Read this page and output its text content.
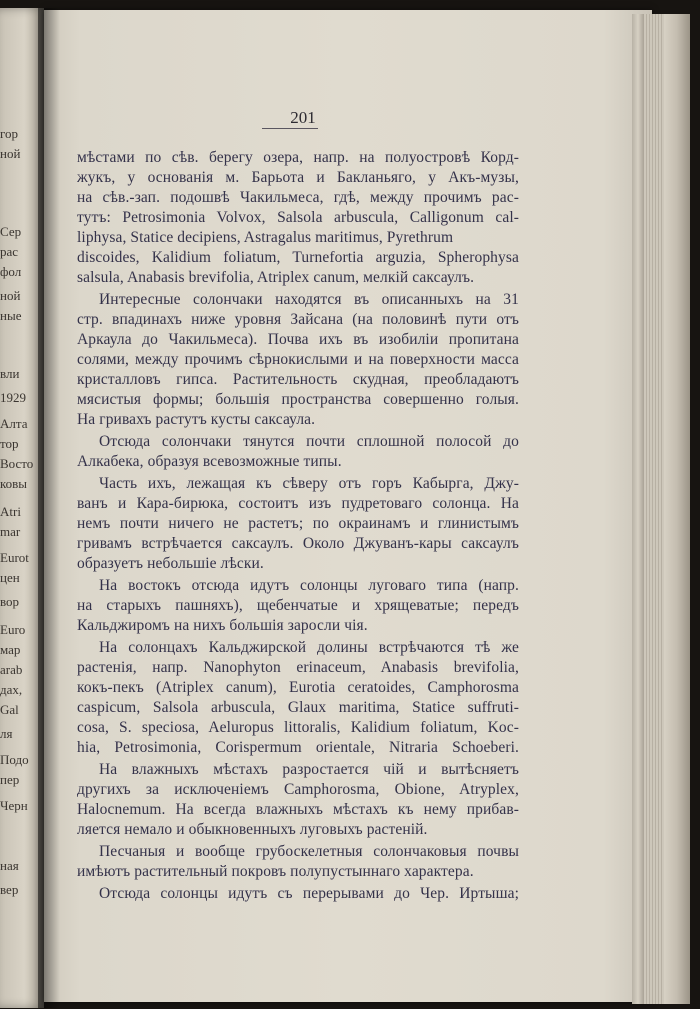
гор
ной
Сер
рас
фол
ной
ные
вли
1929
Алта
тор
Восто
ковы
Atri
mar
Eurot
цен
вор
Euro
мар
arab
дах,
Gal
ля
Подо
пер
Черн
ная
вер
201
мѣстами по сѣв. берегу озера, напр. на полуостровѣ Корд-
жукъ, у основанія м. Барьота и Бакланьяго, у Акъ-музы,
на сѣв.-зап. подошвѣ Чакильмеса, гдѣ, между прочимъ рас-
тутъ: Petrosimonia Volvox, Salsola arbuscula, Calligonum cal-
liphysa, Statice decipiens, Astragalus maritimus, Pyrethrum
discoides, Kalidium foliatum, Turnefortia arguzia, Spherophysa
salsula, Anabasis brevifolia, Atriplex canum, мелкій саксаулъ.
Интересные солончаки находятся въ описанныхъ на 31
стр. впадинахъ ниже уровня Зайсана (на половинѣ пути отъ
Аркаула до Чакильмеса). Почва ихъ въ изобиліи пропитана
солями, между прочимъ сѣрнокислыми и на поверхности масса
кристалловъ гипса. Растительность скудная, преобладаютъ
мясистыя формы; большія пространства совершенно голыя.
На гривахъ растутъ кусты саксаула.
Отсюда солончаки тянутся почти сплошной полосой до
Алкабека, образуя всевозможные типы.
Часть ихъ, лежащая къ сѣверу отъ горъ Кабырга, Джу-
ванъ и Кара-бирюка, состоитъ изъ пудретоваго солонца. На
немъ почти ничего не растетъ; по окраинамъ и глинистымъ
гривамъ встрѣчается саксаулъ. Около Джуванъ-кары саксаулъ
образуетъ небольшіе лѣски.
На востокъ отсюда идутъ солонцы луговаго типа (напр.
на старыхъ пашняхъ), щебенчатые и хрящеватые; передъ
Кальджиромъ на нихъ большія заросли чія.
На солонцахъ Кальджирской долины встрѣчаются тѣ же
растенія, напр. Nanophyton erinaceum, Anabasis brevifolia,
кокъ-пекъ (Atriplex canum), Eurotia ceratoides, Camphorosma
caspicum, Salsola arbuscula, Glaux maritima, Statice suffruti-
cosa, S. speciosa, Aeluropus littoralis, Kalidium foliatum, Koc-
hia, Petrosimonia, Corispermum orientale, Nitraria Schoeberi.
На влажныхъ мѣстахъ разростается чій и вытѣсняетъ
другихъ за исключеніемъ Camphorosma, Obione, Atryplex,
Halocnemum. На всегда влажныхъ мѣстахъ къ нему прибав-
ляется немало и обыкновенныхъ луговыхъ растеній.
Песчаныя и вообще грубоскелетныя солончаковыя почвы
имѣютъ растительный покровъ полупустыннаго характера.
Отсюда солонцы идутъ съ перерывами до Чер. Иртыша;
